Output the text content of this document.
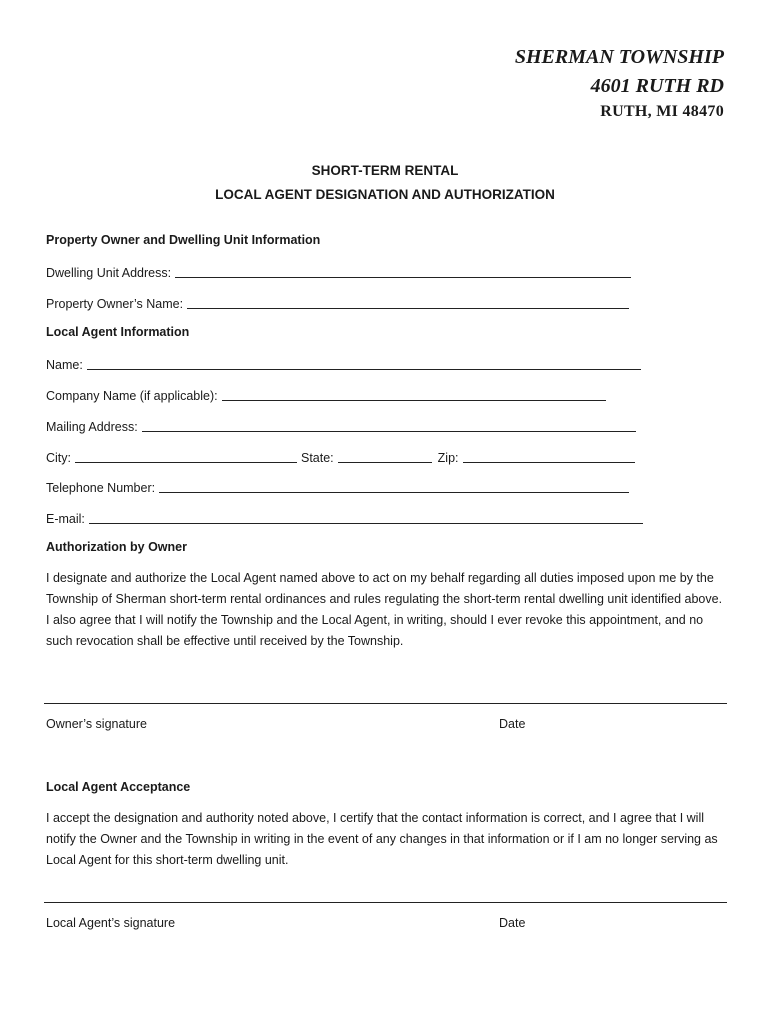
SHERMAN TOWNSHIP
4601 RUTH RD
RUTH, MI 48470
SHORT-TERM RENTAL
LOCAL AGENT DESIGNATION AND AUTHORIZATION
Property Owner and Dwelling Unit Information
Dwelling Unit Address:
Property Owner’s Name:
Local Agent Information
Name:
Company Name (if applicable):
Mailing Address:
City:	State:	Zip:
Telephone Number:
E-mail:
Authorization by Owner

I designate and authorize the Local Agent named above to act on my behalf regarding all duties imposed upon me by the Township of Sherman short-term rental ordinances and rules regulating the short-term rental dwelling unit identified above. I also agree that I will notify the Township and the Local Agent, in writing, should I ever revoke this appointment, and no such revocation shall be effective until received by the Township.

Owner’s signature	Date
Local Agent Acceptance

I accept the designation and authority noted above, I certify that the contact information is correct, and I agree that I will notify the Owner and the Township in writing in the event of any changes in that information or if I am no longer serving as Local Agent for this short-term dwelling unit.

Local Agent’s signature	Date
